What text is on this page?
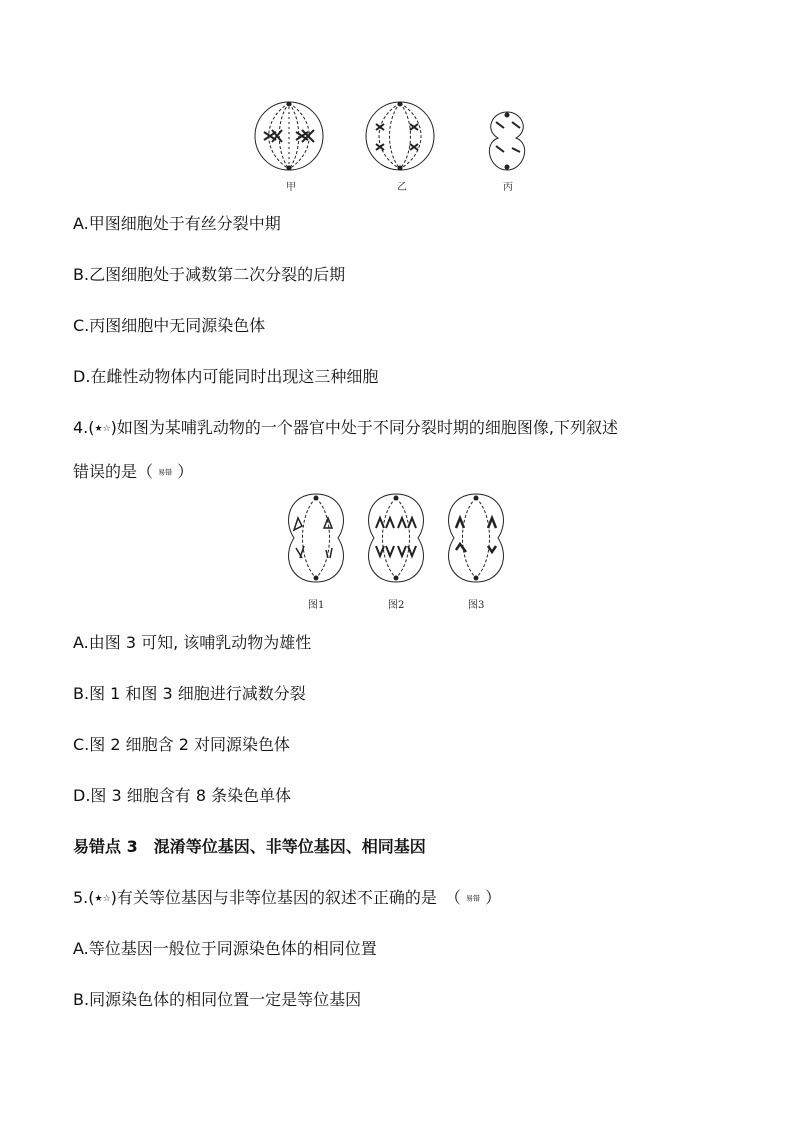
甲	乙	丙
A.甲图细胞处于有丝分裂中期
B.乙图细胞处于减数第二次分裂的后期
C.丙图细胞中无同源染色体
D.在雌性动物体内可能同时出现这三种细胞
4.(★☆)如图为某哺乳动物的一个器官中处于不同分裂时期的细胞图像,下列叙述
错误的是（ 易错 ）
图1	图2	图3
A.由图 3 可知, 该哺乳动物为雄性
B.图 1 和图 3 细胞进行减数分裂
C.图 2 细胞含 2 对同源染色体
D.图 3 细胞含有 8 条染色单体
易错点 3　混淆等位基因、非等位基因、相同基因
5.(★☆)有关等位基因与非等位基因的叙述不正确的是　（ 易错 ）
A.等位基因一般位于同源染色体的相同位置
B.同源染色体的相同位置一定是等位基因
